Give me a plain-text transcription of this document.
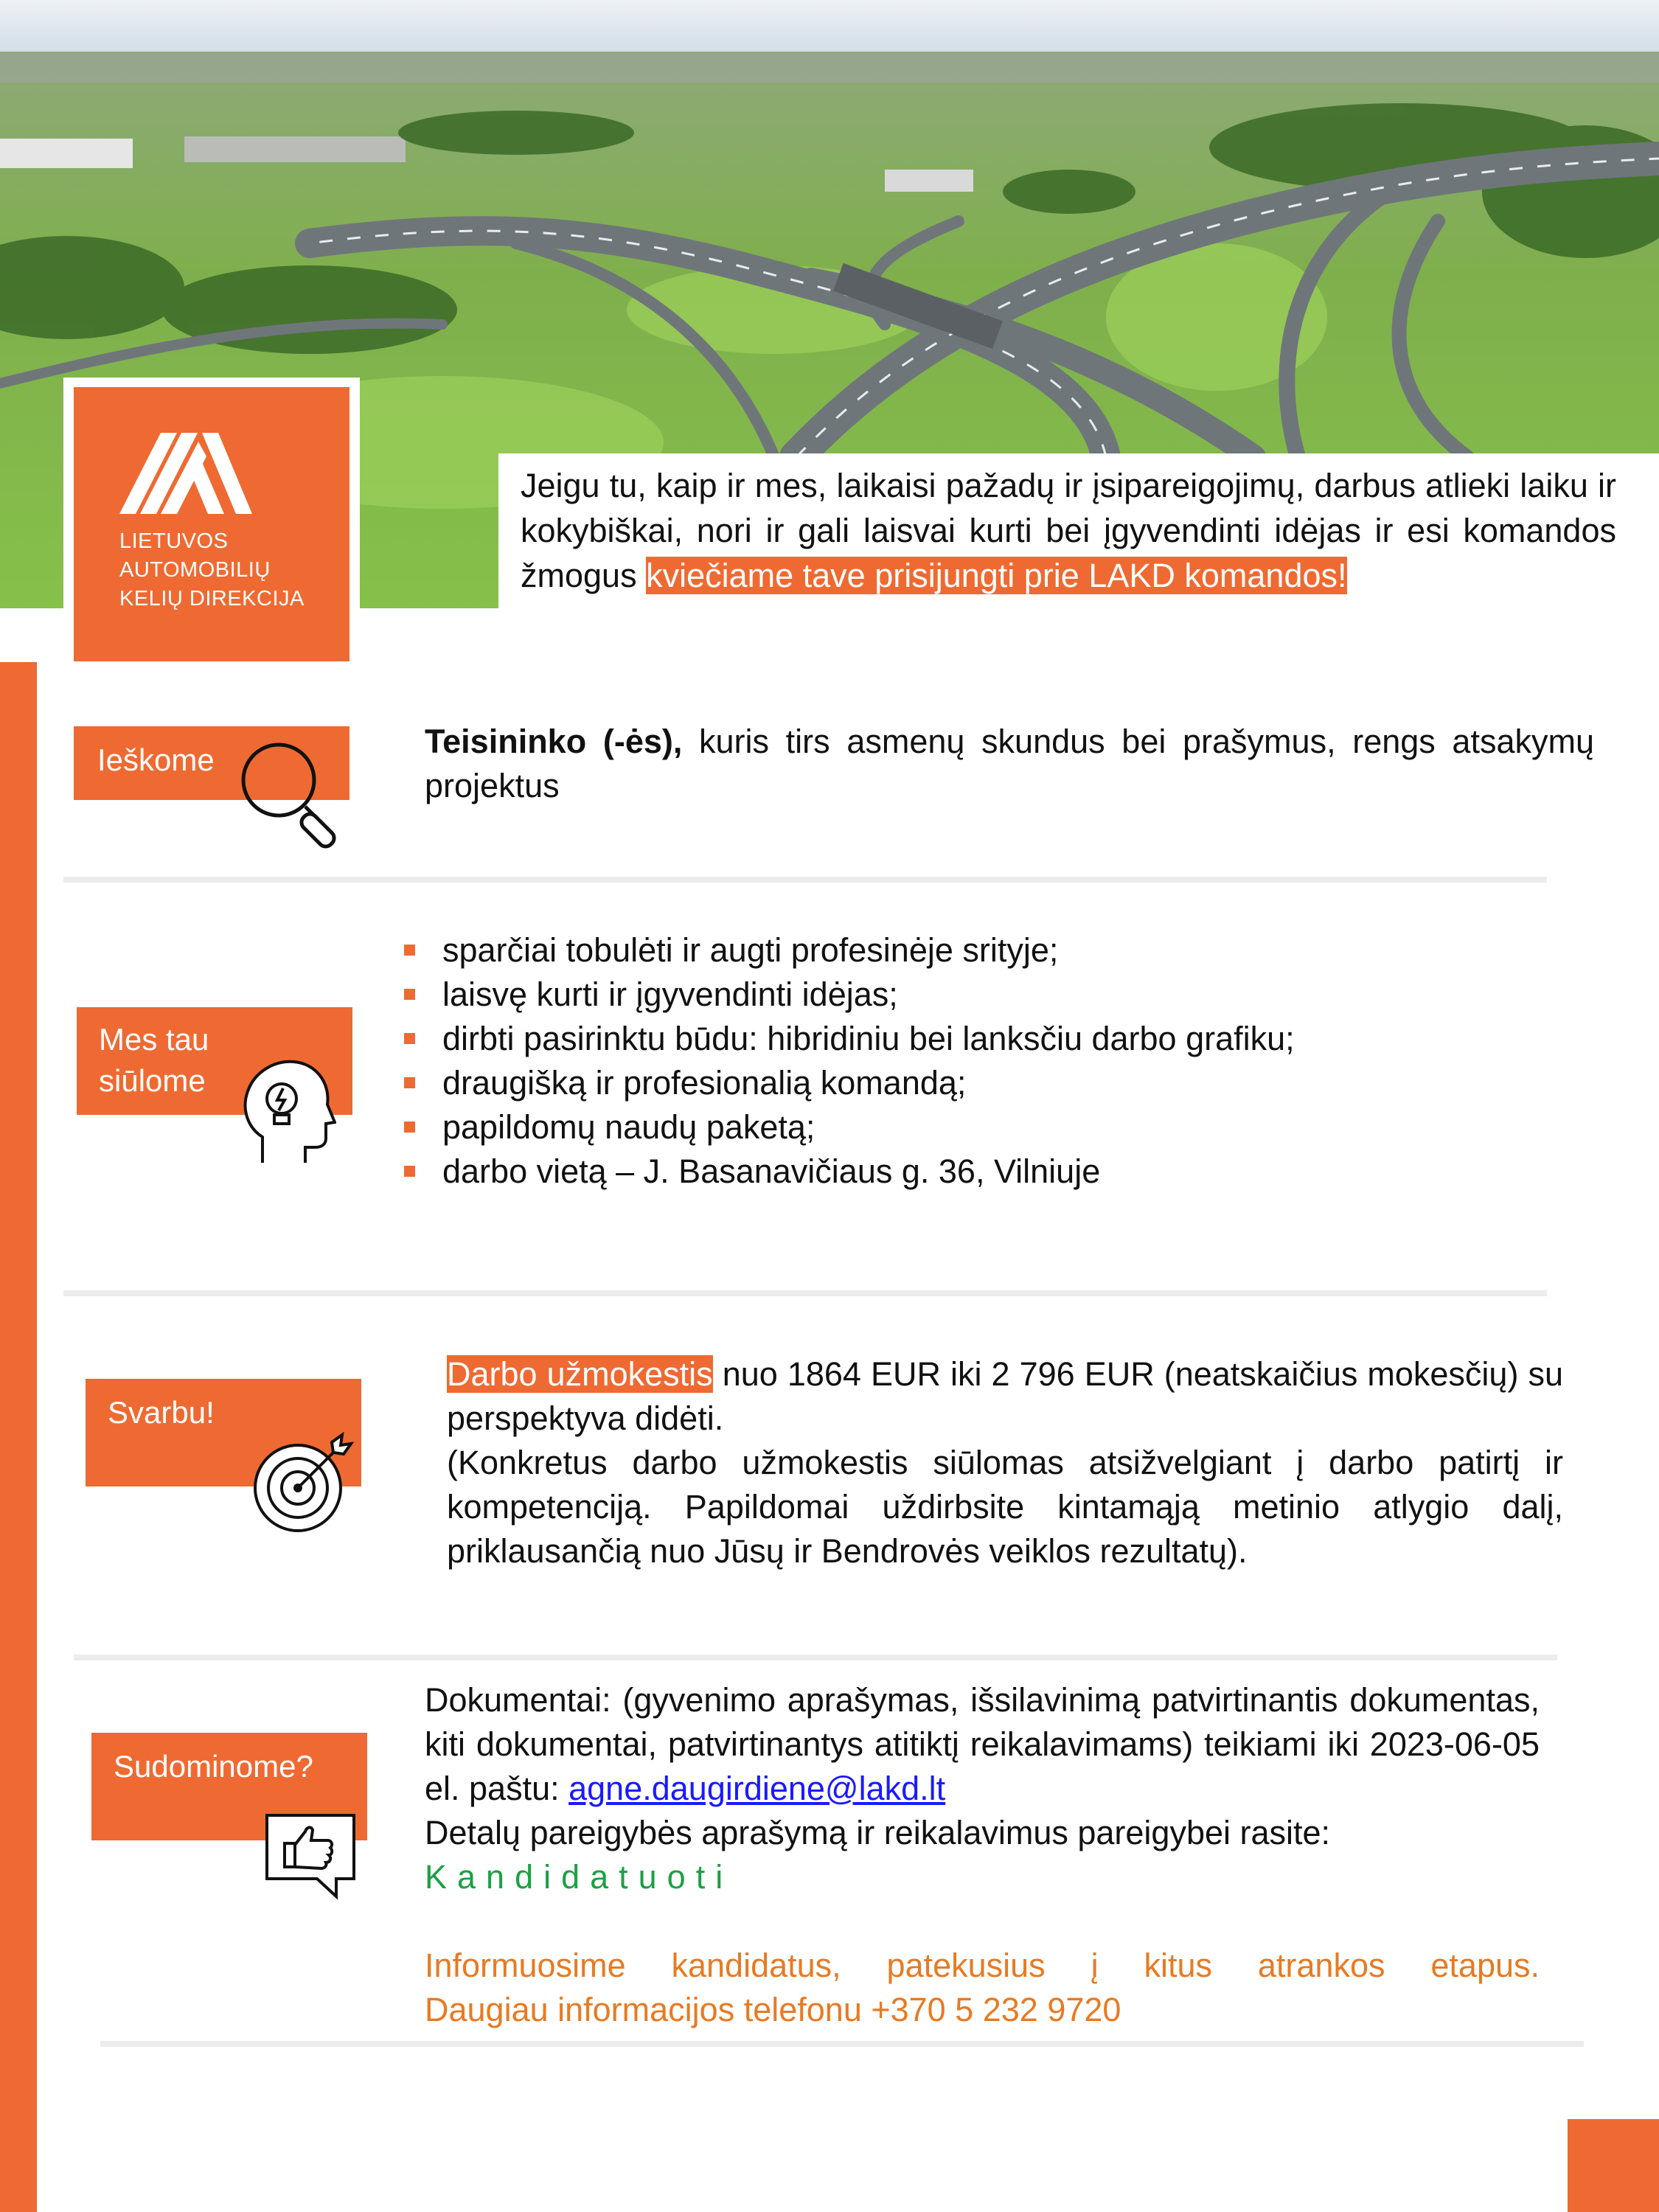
Jeigu tu, kaip ir mes, laikaisi pažadų ir įsipareigojimų, darbus atlieki laiku ir kokybiškai, nori ir gali laisvai kurti bei įgyvendinti idėjas ir esi komandos žmogus kviečiame tave prisijungti prie LAKD komandos!
LIETUVOS
AUTOMOBILIŲ
KELIŲ DIREKCIJA
Ieškome	Teisininko (-ės), kuris tirs asmenų skundus bei prašymus, rengs atsakymų projektus
Mes tau
siūlome
sparčiai tobulėti ir augti profesinėje srityje;
laisvę kurti ir įgyvendinti idėjas;
dirbti pasirinktu būdu: hibridiniu bei lanksčiu darbo grafiku;
draugišką ir profesionalią komandą;
papildomų naudų paketą;
darbo vietą – J. Basanavičiaus g. 36, Vilniuje
Svarbu!
Darbo užmokestis nuo 1864 EUR iki 2 796 EUR (neatskaičius mokesčių) su perspektyva didėti.
(Konkretus darbo užmokestis siūlomas atsižvelgiant į darbo patirtį ir kompetenciją. Papildomai uždirbsite kintamąją metinio atlygio dalį, priklausančią nuo Jūsų ir Bendrovės veiklos rezultatų).
Sudominome?
Dokumentai: (gyvenimo aprašymas, išsilavinimą patvirtinantis dokumentas, kiti dokumentai, patvirtinantys atitiktį reikalavimams) teikiami iki 2023-06-05 el. paštu: agne.daugirdiene@lakd.lt
Detalų pareigybės aprašymą ir reikalavimus pareigybei rasite:
Kandidatuoti

Informuosime kandidatus, patekusius į kitus atrankos etapus.
Daugiau informacijos telefonu +370 5 232 9720
